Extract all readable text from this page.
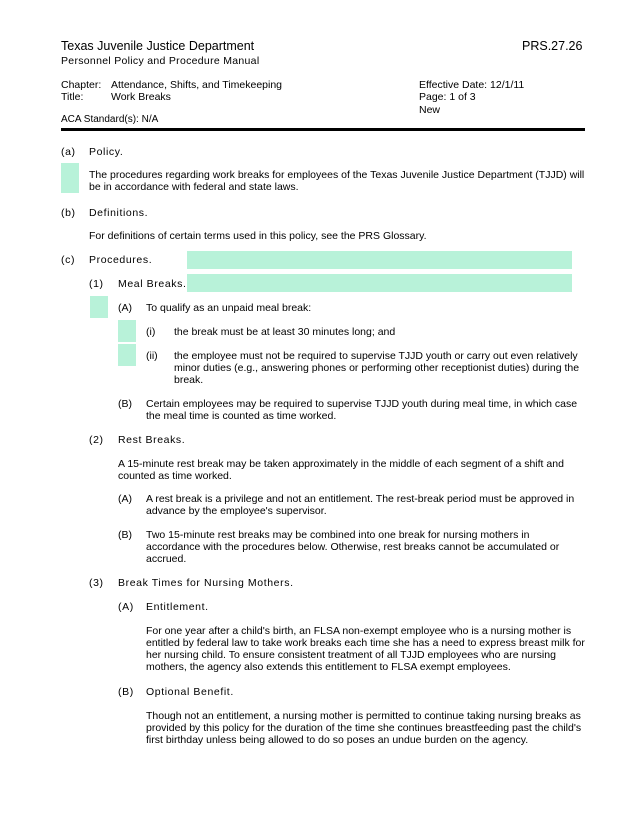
Texas Juvenile Justice Department	PRS.27.26
Personnel Policy and Procedure Manual
Chapter: Attendance, Shifts, and Timekeeping
Title:	Work Breaks
Effective Date: 12/1/11
Page: 1 of 3
New
ACA Standard(s): N/A
(a) Policy.
The procedures regarding work breaks for employees of the Texas Juvenile Justice Department (TJJD) will
be in accordance with federal and state laws.
(b) Definitions.
For definitions of certain terms used in this policy, see the PRS Glossary.
(c) Procedures.
(1) Meal Breaks.
(A) To qualify as an unpaid meal break:
(i) the break must be at least 30 minutes long; and
(ii) the employee must not be required to supervise TJJD youth or carry out even relatively
minor duties (e.g., answering phones or performing other receptionist duties) during the
break.
(B) Certain employees may be required to supervise TJJD youth during meal time, in which case
the meal time is counted as time worked.
(2) Rest Breaks.
A 15-minute rest break may be taken approximately in the middle of each segment of a shift and
counted as time worked.
(A) A rest break is a privilege and not an entitlement. The rest-break period must be approved in
advance by the employee's supervisor.
(B) Two 15-minute rest breaks may be combined into one break for nursing mothers in
accordance with the procedures below. Otherwise, rest breaks cannot be accumulated or
accrued.
(3) Break Times for Nursing Mothers.
(A) Entitlement.
For one year after a child's birth, an FLSA non-exempt employee who is a nursing mother is
entitled by federal law to take work breaks each time she has a need to express breast milk for
her nursing child. To ensure consistent treatment of all TJJD employees who are nursing
mothers, the agency also extends this entitlement to FLSA exempt employees.
(B) Optional Benefit.
Though not an entitlement, a nursing mother is permitted to continue taking nursing breaks as
provided by this policy for the duration of the time she continues breastfeeding past the child's
first birthday unless being allowed to do so poses an undue burden on the agency.
